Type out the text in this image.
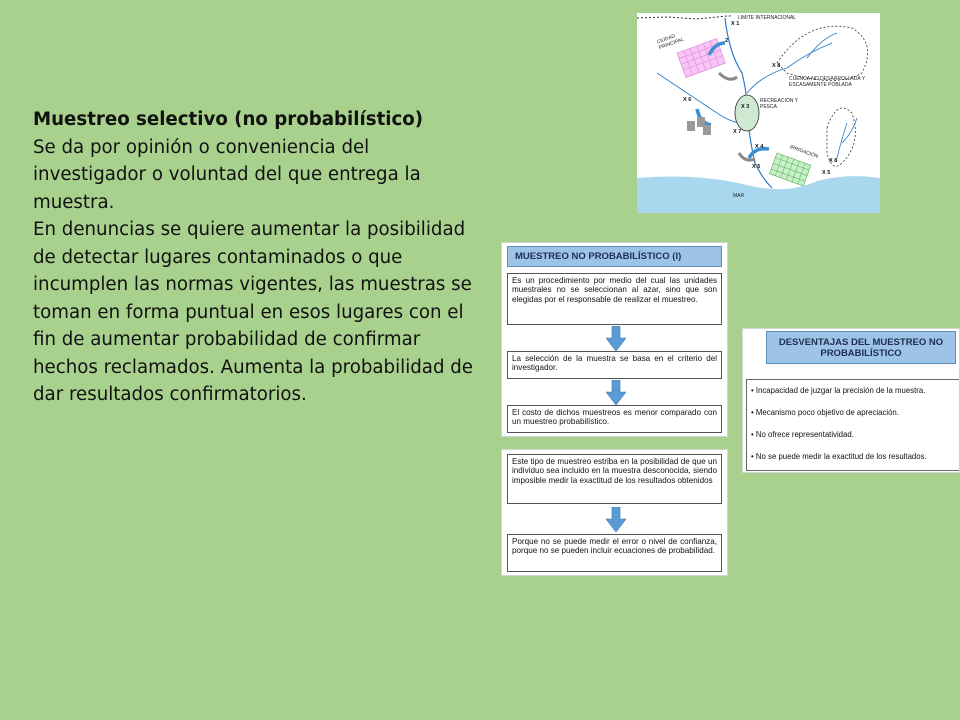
Muestreo selectivo (no probabilístico)

Se da por opinión o conveniencia del investigador o voluntad del que entrega la muestra.

En denuncias se quiere aumentar la posibilidad de detectar lugares contaminados o que incumplen las normas vigentes, las muestras se toman en forma puntual en esos lugares con el fin de aumentar probabilidad de confirmar hechos reclamados. Aumenta la probabilidad de dar resultados confirmatorios.

LIMITE INTERNACIONAL
CIUDAD PRINCIPAL
CUENCA NO DESARROLLADA Y ESCASAMENTE POBLADA
RECREACIÓN Y PESCA
IRRIGACIÓN
MAR
X 1
2
X 8
X 6
X 3
X 7
X 4
X 5
X 8
X 5
MUESTREO NO PROBABILÍSTICO (I)
Es un procedimiento por medio del cual las unidades muestrales no se seleccionan al azar, sino que son elegidas por el responsable de realizar el muestreo.
La selección de la muestra se basa en el criterio del investigador.
El costo de dichos muestreos es menor comparado con un muestreo probabilístico.
Este tipo de muestreo estriba en la posibilidad de que un individuo sea incluido en la muestra desconocida, siendo imposible medir la exactitud de los resultados obtenidos
Porque no se puede medir el error o nivel de confianza, porque no se pueden incluir ecuaciones de probabilidad.
DESVENTAJAS DEL MUESTREO NO PROBABILÍSTICO
• Incapacidad de juzgar la precisión de la muestra.
• Mecanismo poco objetivo de apreciación.
• No ofrece representatividad.
• No se puede medir la exactitud de los resultados.
